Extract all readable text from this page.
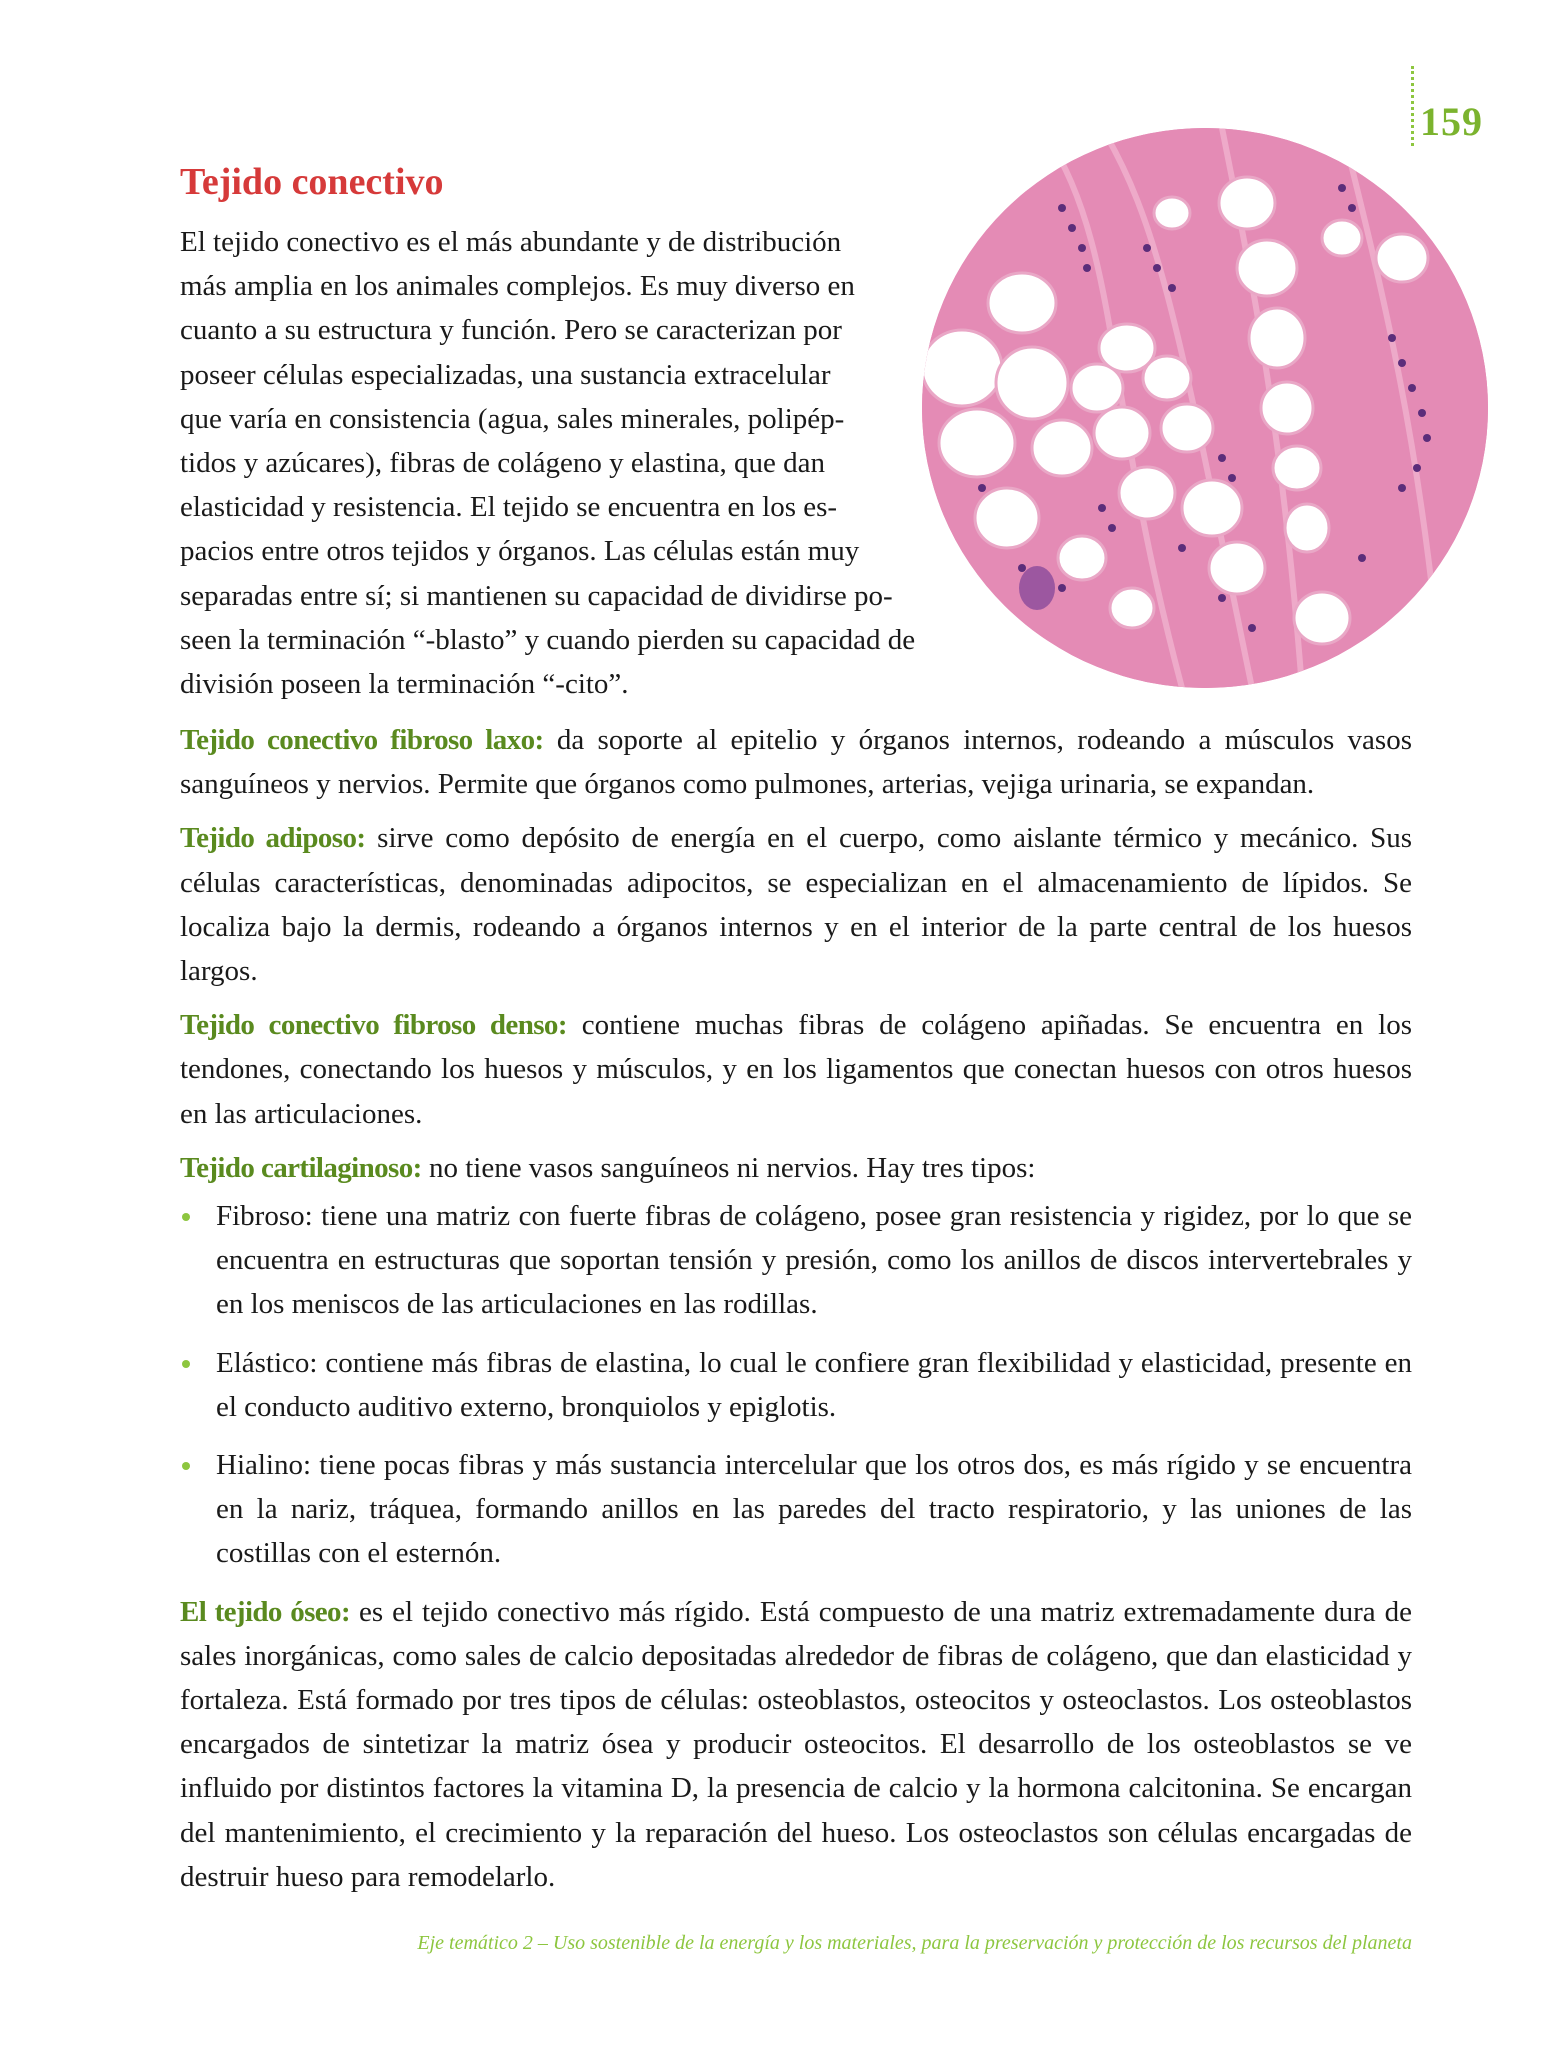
159
Tejido conectivo

El tejido conectivo es el más abundante y de distribución
más amplia en los animales complejos. Es muy diverso en
cuanto a su estructura y función. Pero se caracterizan por
poseer células especializadas, una sustancia extracelular
que varía en consistencia (agua, sales minerales, polipép-
tidos y azúcares), fibras de colágeno y elastina, que dan
elasticidad y resistencia. El tejido se encuentra en los es-
pacios entre otros tejidos y órganos. Las células están muy
separadas entre sí; si mantienen su capacidad de dividirse po-
seen la terminación “-blasto” y cuando pierden su capacidad de
división poseen la terminación “-cito”.

Tejido conectivo fibroso laxo: da soporte al epitelio y órganos internos, rodeando a músculos vasos sanguíneos y nervios. Permite que órganos como pulmones, arterias, vejiga urinaria, se expandan.

Tejido adiposo: sirve como depósito de energía en el cuerpo, como aislante térmico y mecánico. Sus células características, denominadas adipocitos, se especializan en el almacenamiento de lípidos. Se localiza bajo la dermis, rodeando a órganos internos y en el interior de la parte central de los huesos largos.

Tejido conectivo fibroso denso: contiene muchas fibras de colágeno apiñadas. Se encuentra en los tendones, conectando los huesos y músculos, y en los ligamentos que conectan huesos con otros huesos en las articulaciones.

Tejido cartilaginoso: no tiene vasos sanguíneos ni nervios. Hay tres tipos:

Fibroso: tiene una matriz con fuerte fibras de colágeno, posee gran resistencia y rigidez, por lo que se encuentra en estructuras que soportan tensión y presión, como los anillos de discos intervertebrales y en los meniscos de las articulaciones en las rodillas.
Elástico: contiene más fibras de elastina, lo cual le confiere gran flexibilidad y elasticidad, presente en el conducto auditivo externo, bronquiolos y epiglotis.
Hialino: tiene pocas fibras y más sustancia intercelular que los otros dos, es más rígido y se encuentra en la nariz, tráquea, formando anillos en las paredes del tracto respiratorio, y las uniones de las costillas con el esternón.

El tejido óseo: es el tejido conectivo más rígido. Está compuesto de una matriz extremadamente dura de sales inorgánicas, como sales de calcio depositadas alrededor de fibras de colágeno, que dan elasticidad y fortaleza. Está formado por tres tipos de células: osteoblastos, osteocitos y osteoclastos. Los osteoblastos encargados de sintetizar la matriz ósea y producir osteocitos. El desarrollo de los osteoblastos se ve influido por distintos factores la vitamina D, la presencia de calcio y la hormona calcitonina. Se encargan del mantenimiento, el crecimiento y la reparación del hueso. Los osteoclastos son células encargadas de destruir hueso para remodelarlo.

Eje temático 2 – Uso sostenible de la energía y los materiales, para la preservación y protección de los recursos del planeta
